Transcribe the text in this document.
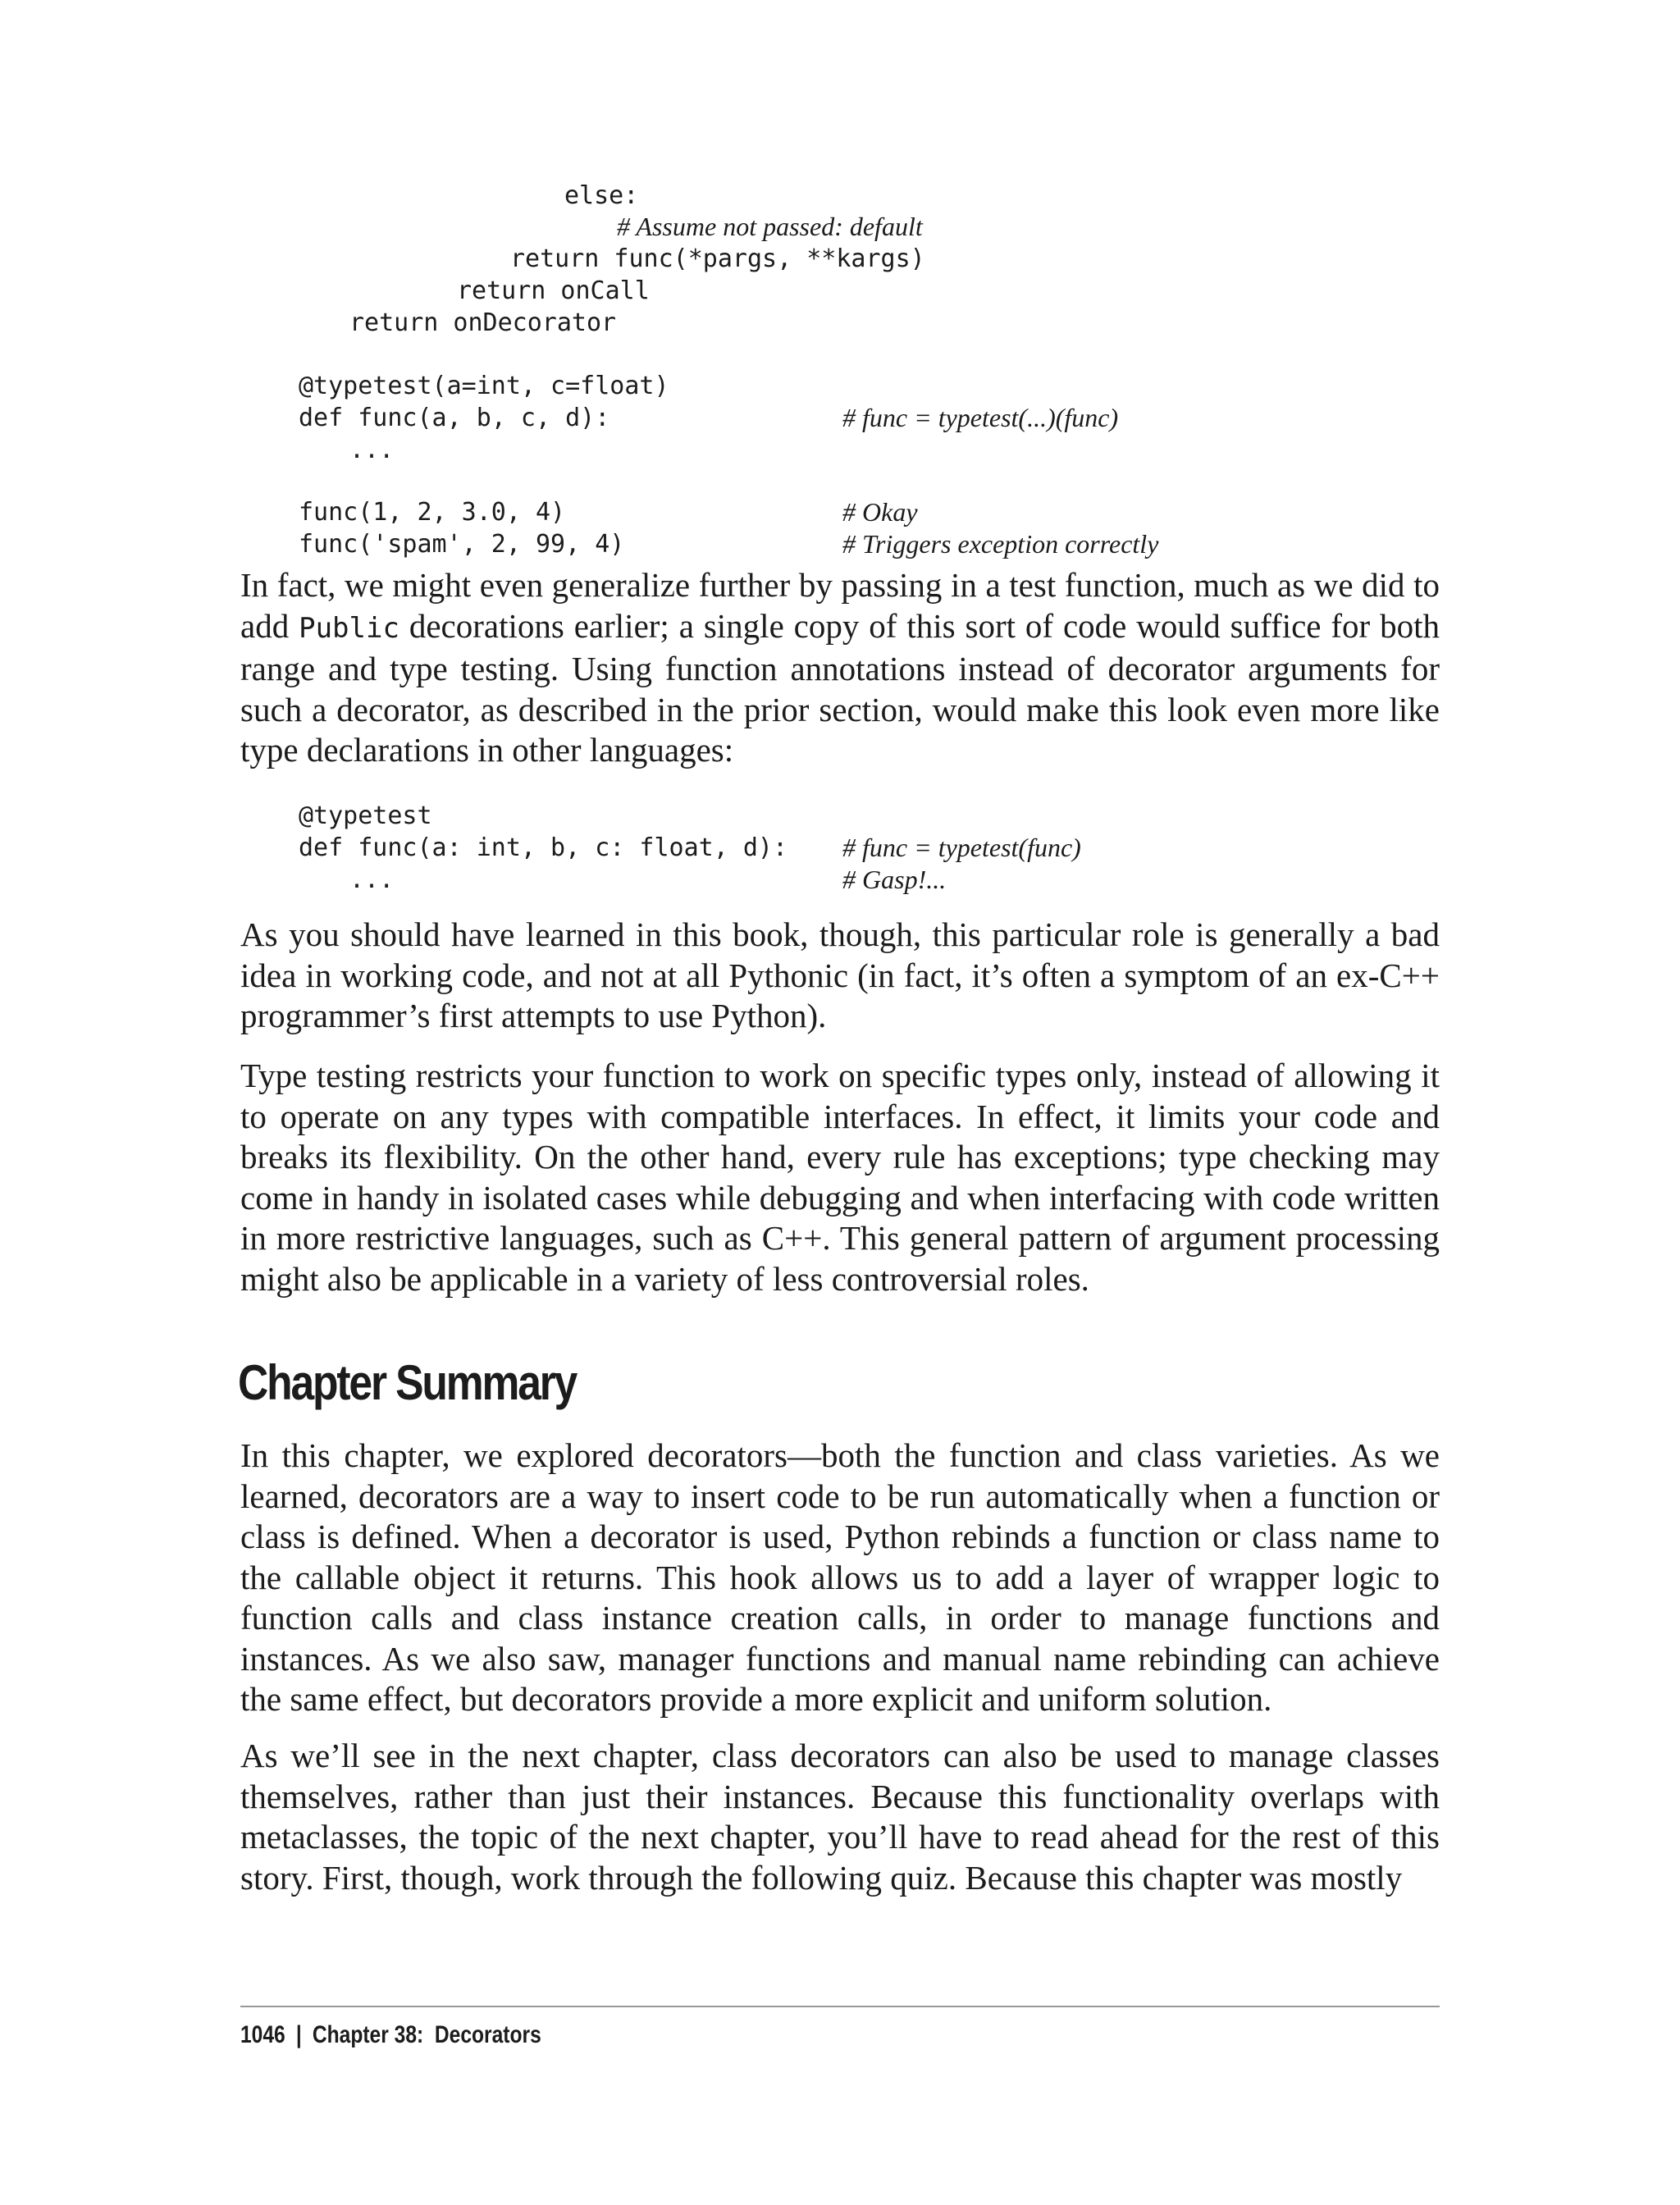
else:
# Assume not passed: default
return func(*pargs, **kargs)
return onCall
return onDecorator
@typetest(a=int, c=float)
def func(a, b, c, d):	# func = typetest(...)(func)
...
func(1, 2, 3.0, 4)	# Okay
func('spam', 2, 99, 4)	# Triggers exception correctly

In fact, we might even generalize further by passing in a test function, much as we did to add Public decorations earlier; a single copy of this sort of code would suffice for both range and type testing. Using function annotations instead of decorator arguments for such a decorator, as described in the prior section, would make this look even more like type declarations in other languages:

@typetest
def func(a: int, b, c: float, d): # func = typetest(func)
...	# Gasp!...

As you should have learned in this book, though, this particular role is generally a bad idea in working code, and not at all Pythonic (in fact, it’s often a symptom of an ex-C++ programmer’s first attempts to use Python).

Type testing restricts your function to work on specific types only, instead of allowing it to operate on any types with compatible interfaces. In effect, it limits your code and breaks its flexibility. On the other hand, every rule has exceptions; type checking may come in handy in isolated cases while debugging and when interfacing with code written in more restrictive languages, such as C++. This general pattern of argument processing might also be applicable in a variety of less controversial roles.

Chapter Summary

In this chapter, we explored decorators—both the function and class varieties. As we learned, decorators are a way to insert code to be run automatically when a function or class is defined. When a decorator is used, Python rebinds a function or class name to the callable object it returns. This hook allows us to add a layer of wrapper logic to function calls and class instance creation calls, in order to manage functions and instances. As we also saw, manager functions and manual name rebinding can achieve the same effect, but decorators provide a more explicit and uniform solution.

As we’ll see in the next chapter, class decorators can also be used to manage classes themselves, rather than just their instances. Because this functionality overlaps with metaclasses, the topic of the next chapter, you’ll have to read ahead for the rest of this story. First, though, work through the following quiz. Because this chapter was mostly

1046 | Chapter 38:  Decorators
